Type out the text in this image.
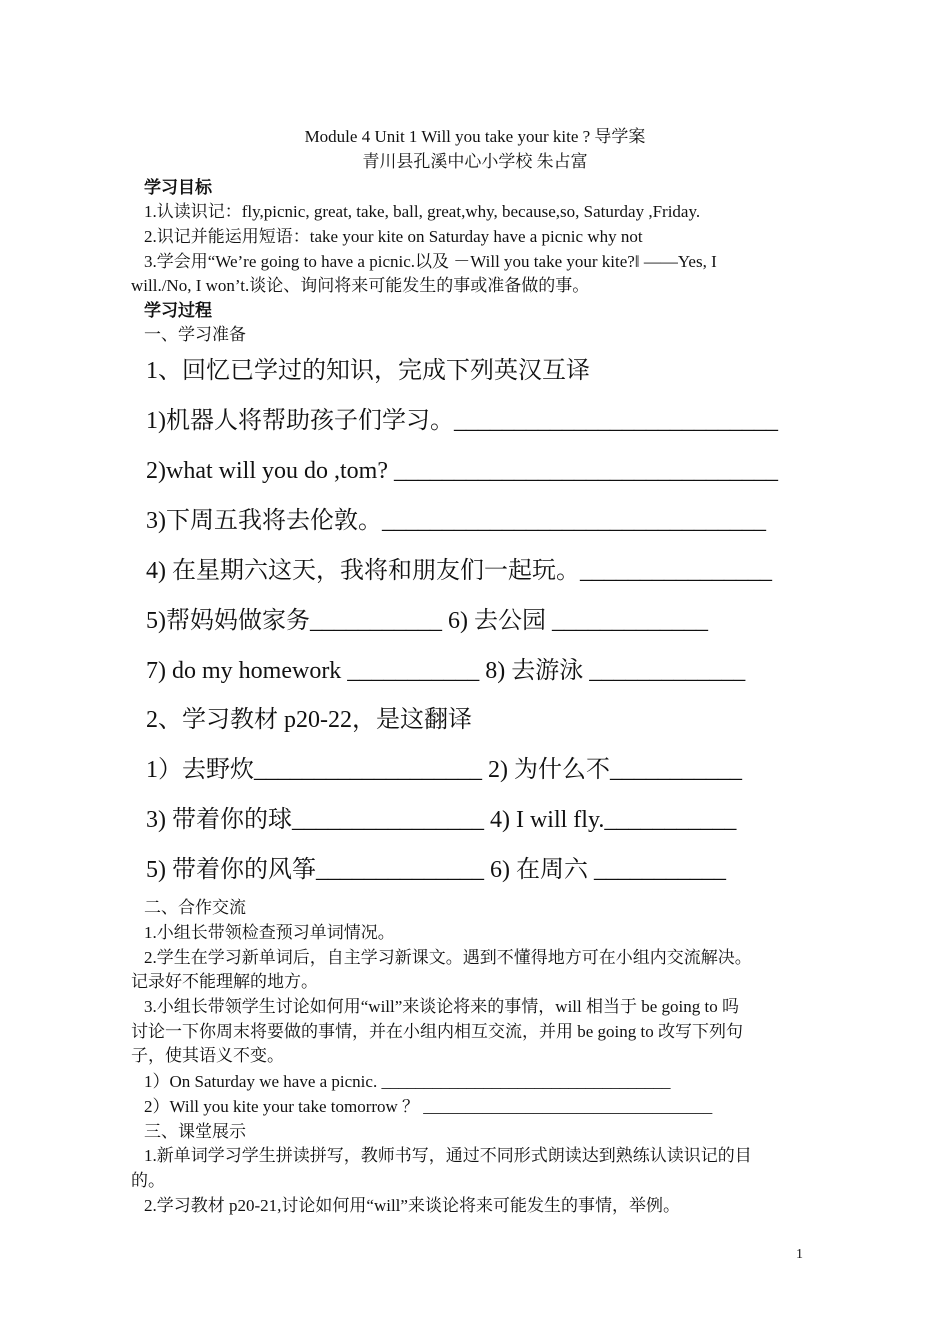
Module 4 Unit 1 Will you take your kite ? 导学案
青川县孔溪中心小学校 朱占富
学习目标
1.认读识记：fly,picnic, great, take, ball, great,why, because,so, Saturday ,Friday.
2.识记并能运用短语：take your kite on Saturday have a picnic why not
3.学会用“We’re going to have a picnic.以及 －Will you take your kite?‖ ——Yes, I
will./No, I won’t.谈论、询问将来可能发生的事或准备做的事。
学习过程
一、学习准备
1、回忆已学过的知识，完成下列英汉互译
1)机器人将帮助孩子们学习。___________________________
2)what will you do ,tom? ________________________________
3)下周五我将去伦敦。________________________________
4) 在星期六这天，我将和朋友们一起玩。________________
5)帮妈妈做家务___________ 6) 去公园 _____________
7) do my homework ___________ 8) 去游泳 _____________
2、学习教材 p20-22，是这翻译
1）去野炊___________________ 2) 为什么不___________
3) 带着你的球________________ 4) I will fly.___________
5) 带着你的风筝______________ 6) 在周六 ___________
二、合作交流
1.小组长带领检查预习单词情况。
2.学生在学习新单词后，自主学习新课文。遇到不懂得地方可在小组内交流解决。
记录好不能理解的地方。
3.小组长带领学生讨论如何用“will”来谈论将来的事情，will 相当于 be going to 吗
讨论一下你周末将要做的事情，并在小组内相互交流，并用 be going to 改写下列句
子，使其语义不变。
1）On Saturday we have a picnic. __________________________________
2）Will you kite your take tomorrow ？ __________________________________
三、课堂展示
1.新单词学习学生拼读拼写，教师书写，通过不同形式朗读达到熟练认读识记的目
的。
2.学习教材 p20-21,讨论如何用“will”来谈论将来可能发生的事情，举例。
1
